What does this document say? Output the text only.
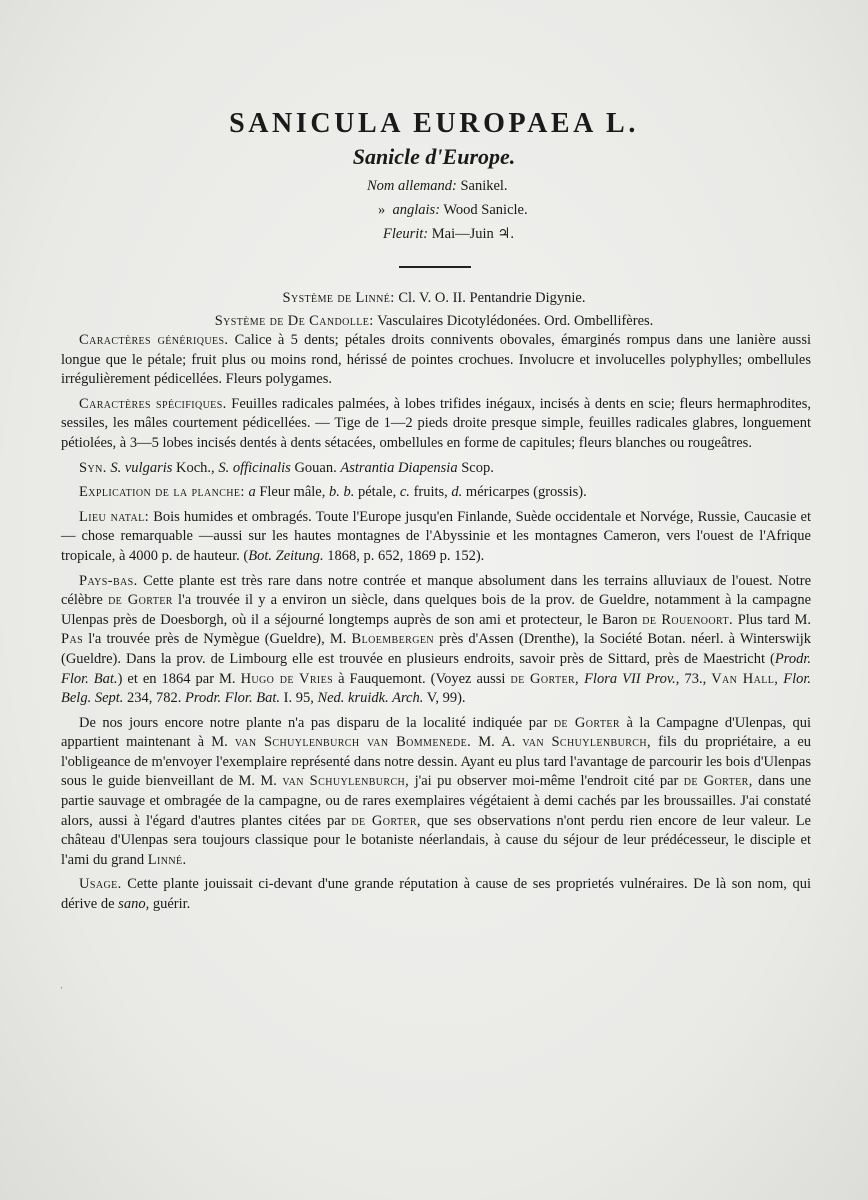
SANICULA EUROPAEA L.
Sanicle d'Europe.
Nom allemand: Sanikel.
» anglais: Wood Sanicle.
Fleurit: Mai—Juin ♃.
Système de Linné: Cl. V. O. II. Pentandrie Digynie.
Système de De Candolle: Vasculaires Dicotylédonées. Ord. Ombellifères.

Caractères génériques. Calice à 5 dents; pétales droits connivents obovales, émarginés rompus dans une lanière aussi longue que le pétale; fruit plus ou moins rond, hérissé de pointes crochues. Involucre et involucelles polyphylles; ombellules irrégulièrement pédicellées. Fleurs polygames.

Caractères spécifiques. Feuilles radicales palmées, à lobes trifides inégaux, incisés à dents en scie; fleurs hermaphrodites, sessiles, les mâles courtement pédicellées. — Tige de 1—2 pieds droite presque simple, feuilles radicales glabres, longuement pétiolées, à 3—5 lobes incisés dentés à dents sétacées, ombellules en forme de capitules; fleurs blanches ou rougeâtres.

Syn. S. vulgaris Koch., S. officinalis Gouan. Astrantia Diapensia Scop.

Explication de la planche: a Fleur mâle, b. b. pétale, c. fruits, d. méricarpes (grossis).

Lieu natal: Bois humides et ombragés. Toute l'Europe jusqu'en Finlande, Suède occidentale et Norvége, Russie, Caucasie et — chose remarquable —aussi sur les hautes montagnes de l'Abyssinie et les montagnes Cameron, vers l'ouest de l'Afrique tropicale, à 4000 p. de hauteur. (Bot. Zeitung. 1868, p. 652, 1869 p. 152).

Pays-bas. Cette plante est très rare dans notre contrée et manque absolument dans les terrains alluviaux de l'ouest. Notre célèbre de Gorter l'a trouvée il y a environ un siècle, dans quelques bois de la prov. de Gueldre, notamment à la campagne Ulenpas près de Doesborgh, où il a séjourné longtemps auprès de son ami et protecteur, le Baron de Rouenoort. Plus tard M. Pas l'a trouvée près de Nymègue (Gueldre), M. Bloembergen près d'Assen (Drenthe), la Société Botan. néerl. à Winterswijk (Gueldre). Dans la prov. de Limbourg elle est trouvée en plusieurs endroits, savoir près de Sittard, près de Maestricht (Prodr. Flor. Bat.) et en 1864 par M. Hugo de Vries à Fauquemont. (Voyez aussi de Gorter, Flora VII Prov., 73., Van Hall, Flor. Belg. Sept. 234, 782. Prodr. Flor. Bat. I. 95, Ned. kruidk. Arch. V, 99).

De nos jours encore notre plante n'a pas disparu de la localité indiquée par de Gorter à la Campagne d'Ulenpas, qui appartient maintenant à M. van Schuylenburch van Bommenede. M. A. van Schuylenburch, fils du propriétaire, a eu l'obligeance de m'envoyer l'exemplaire représenté dans notre dessin. Ayant eu plus tard l'avantage de parcourir les bois d'Ulenpas sous le guide bienveillant de M. M. van Schuylenburch, j'ai pu observer moi-même l'endroit cité par de Gorter, dans une partie sauvage et ombragée de la campagne, ou de rares exemplaires végétaient à demi cachés par les broussailles. J'ai constaté alors, aussi à l'égard d'autres plantes citées par de Gorter, que ses observations n'ont perdu rien encore de leur valeur. Le château d'Ulenpas sera toujours classique pour le botaniste néerlandais, à cause du séjour de leur prédécesseur, le disciple et l'ami du grand Linné.

Usage. Cette plante jouissait ci-devant d'une grande réputation à cause de ses proprietés vulnéraires. De là son nom, qui dérive de sano, guérir.

ˌ
